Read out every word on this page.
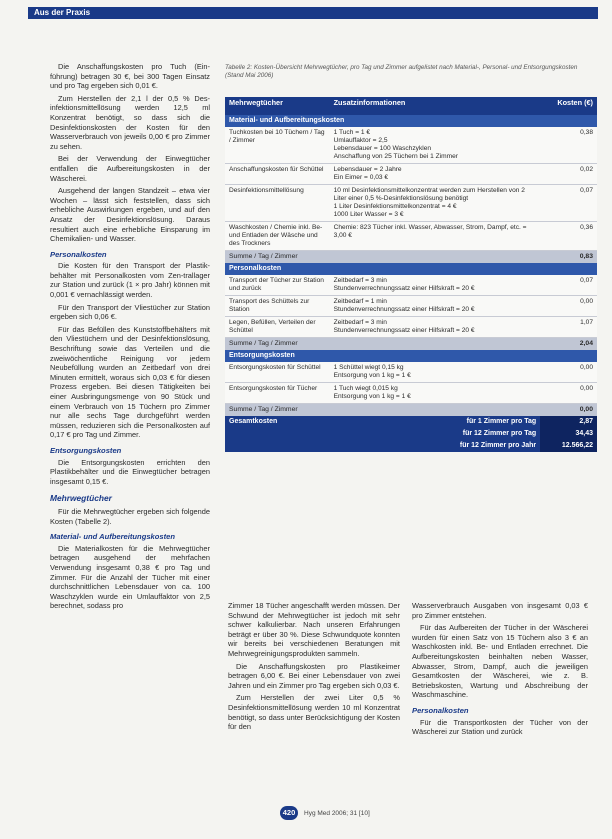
Aus der Praxis

Die Anschaffungskosten pro Tuch (Ein-führung) betragen 30 €, bei 300 Tagen Einsatz und pro Tag ergeben sich 0,01 €.

Zum Herstellen der 2,1 l der 0,5 % Des-infektionsmittellösung werden 12,5 ml Konzentrat benötigt, so dass sich die Desinfektionskosten der Kosten für den Wasserverbrauch von jeweils 0,00 € pro Zimmer zu sehen.

Bei der Verwendung der Einwegtücher entfallen die Aufbereitungskosten in der Wäscherei.

Ausgehend der langen Standzeit – etwa vier Wochen – lässt sich feststellen, dass sich erhebliche Auswirkungen ergeben, und auf den Ansatz der Desinfektionslösung. Daraus resultiert auch eine erhebliche Einsparung im Chemikalien- und Wasser.

Personalkosten

Die Kosten für den Transport der Plastik-behälter mit Personalkosten vom Zen-trallager zur Station und zurück (1 × pro Jahr) können mit 0,001 € vernachlässigt werden.

Für den Transport der Vliestücher zur Station ergeben sich 0,06 €.

Für das Befüllen des Kunststoffbehälters mit den Vliestüchern und der Desinfektionslösung, Beschriftung sowie das Verteilen und die zweiwöchentliche Reinigung vor jedem Neubefüllung wurden an Zeitbedarf von drei Minuten ermittelt, woraus sich 0,03 € für diesen Prozess ergeben. Bei diesen Tätigkeiten bei einer Ausbringungsmenge von 90 Stück und einem Verbrauch von 15 Tüchern pro Zimmer nur alle sechs Tage durchgeführt werden müssen, reduzieren sich die Personalkosten auf 0,17 € pro Tag und Zimmer.

Entsorgungskosten

Die Entsorgungskosten errichten den Plastikbehälter und die Einwegtücher betragen insgesamt 0,15 €.

Mehrwegtücher

Für die Mehrwegtücher ergeben sich folgende Kosten (Tabelle 2).

Material- und Aufbereitungskosten

Die Materialkosten für die Mehrwegtücher betragen ausgehend der mehrfachen Verwendung insgesamt 0,38 € pro Tag und Zimmer. Für die Anzahl der Tücher mit einer durchschnittlichen Lebensdauer von ca. 100 Waschzyklen wurde ein Umlauffaktor von 2,5 berechnet, sodass pro

Tabelle 2: Kosten-Übersicht Mehrwegtücher, pro Tag und Zimmer aufgelistet nach Material-, Personal- und Entsorgungskosten (Stand Mai 2006)
Mehrwegtücher	Zusatzinformationen	Kosten (€)
Material- und Aufbereitungskosten		
Tuchkosten bei 10 Tüchern / Tag / Zimmer	1 Tuch = 1 €
Umlauffaktor = 2,5
Lebensdauer = 100 Waschzyklen
Anschaffung von 25 Tüchern bei 1 Zimmer	0,38
Anschaffungskosten für Schüttel	Lebensdauer = 2 Jahre
Ein Eimer = 0,03 €	0,02
Desinfektionsmittellösung	10 ml Desinfektionsmittelkonzentrat werden zum Herstellen von 2 Liter einer 0,5 %-Desinfektionslösung benötigt
1 Liter Desinfektionsmittelkonzentrat = 4 €
1000 Liter Wasser = 3 €	0,07
Waschkosten / Chemie inkl. Be- und Entladen der Wäsche und des Trockners	Chemie: 823 Tücher inkl. Wasser, Abwasser, Strom, Dampf, etc. = 3,00 €	0,36
Summe / Tag / Zimmer		0,83
Personalkosten		
Transport der Tücher zur Station und zurück	Zeitbedarf = 3 min
Stundenverrechnungssatz einer Hilfskraft = 20 €	0,07
Transport des Schüttels zur Station	Zeitbedarf = 1 min
Stundenverrechnungssatz einer Hilfskraft = 20 €	0,00
Legen, Befüllen, Verteilen der Schüttel	Zeitbedarf = 3 min
Stundenverrechnungssatz einer Hilfskraft = 20 €	1,07
Summe / Tag / Zimmer		2,04
Entsorgungskosten		
Entsorgungskosten für Schüttel	1 Schüttel wiegt 0,15 kg
Entsorgung von 1 kg = 1 €	0,00
Entsorgungskosten für Tücher	1 Tuch wiegt 0,015 kg
Entsorgung von 1 kg = 1 €	0,00
Summe / Tag / Zimmer		0,00
Gesamtkosten	für 1 Zimmer pro Tag	2,87
	für 12 Zimmer pro Tag	34,43
	für 12 Zimmer pro Jahr	12.566,22

Zimmer 18 Tücher angeschafft werden müssen. Der Schwund der Mehrwegtücher ist jedoch mit sehr schwer kalkulierbar. Nach unseren Erfahrungen beträgt er über 30 %. Diese Schwundquote konnten wir bereits bei verschiedenen Beratungen mit Mehrwegreinigungsprodukten sammeln.

Die Anschaffungskosten pro Plastikeimer betragen 6,00 €. Bei einer Lebensdauer von zwei Jahren und ein Zimmer pro Tag ergeben sich 0,03 €.

Zum Herstellen der zwei Liter 0,5 % Desinfektionsmittellösung werden 10 ml Konzentrat benötigt, so dass unter Berücksichtigung der Kosten für den

Wasserverbrauch Ausgaben von insgesamt 0,03 € pro Zimmer entstehen.

Für das Aufbereiten der Tücher in der Wäscherei wurden für einen Satz von 15 Tüchern also 3 € an Waschkosten inkl. Be- und Entladen errechnet. Die Aufbereitungskosten beinhalten neben Wasser, Abwasser, Strom, Dampf, auch die jeweiligen Gesamtkosten der Wäscherei, wie z. B. Betriebskosten, Wartung und Abschreibung der Waschmaschine.

Personalkosten

Für die Transportkosten der Tücher von der Wäscherei zur Station und zurück

420 Hyg Med 2006; 31 [10]
